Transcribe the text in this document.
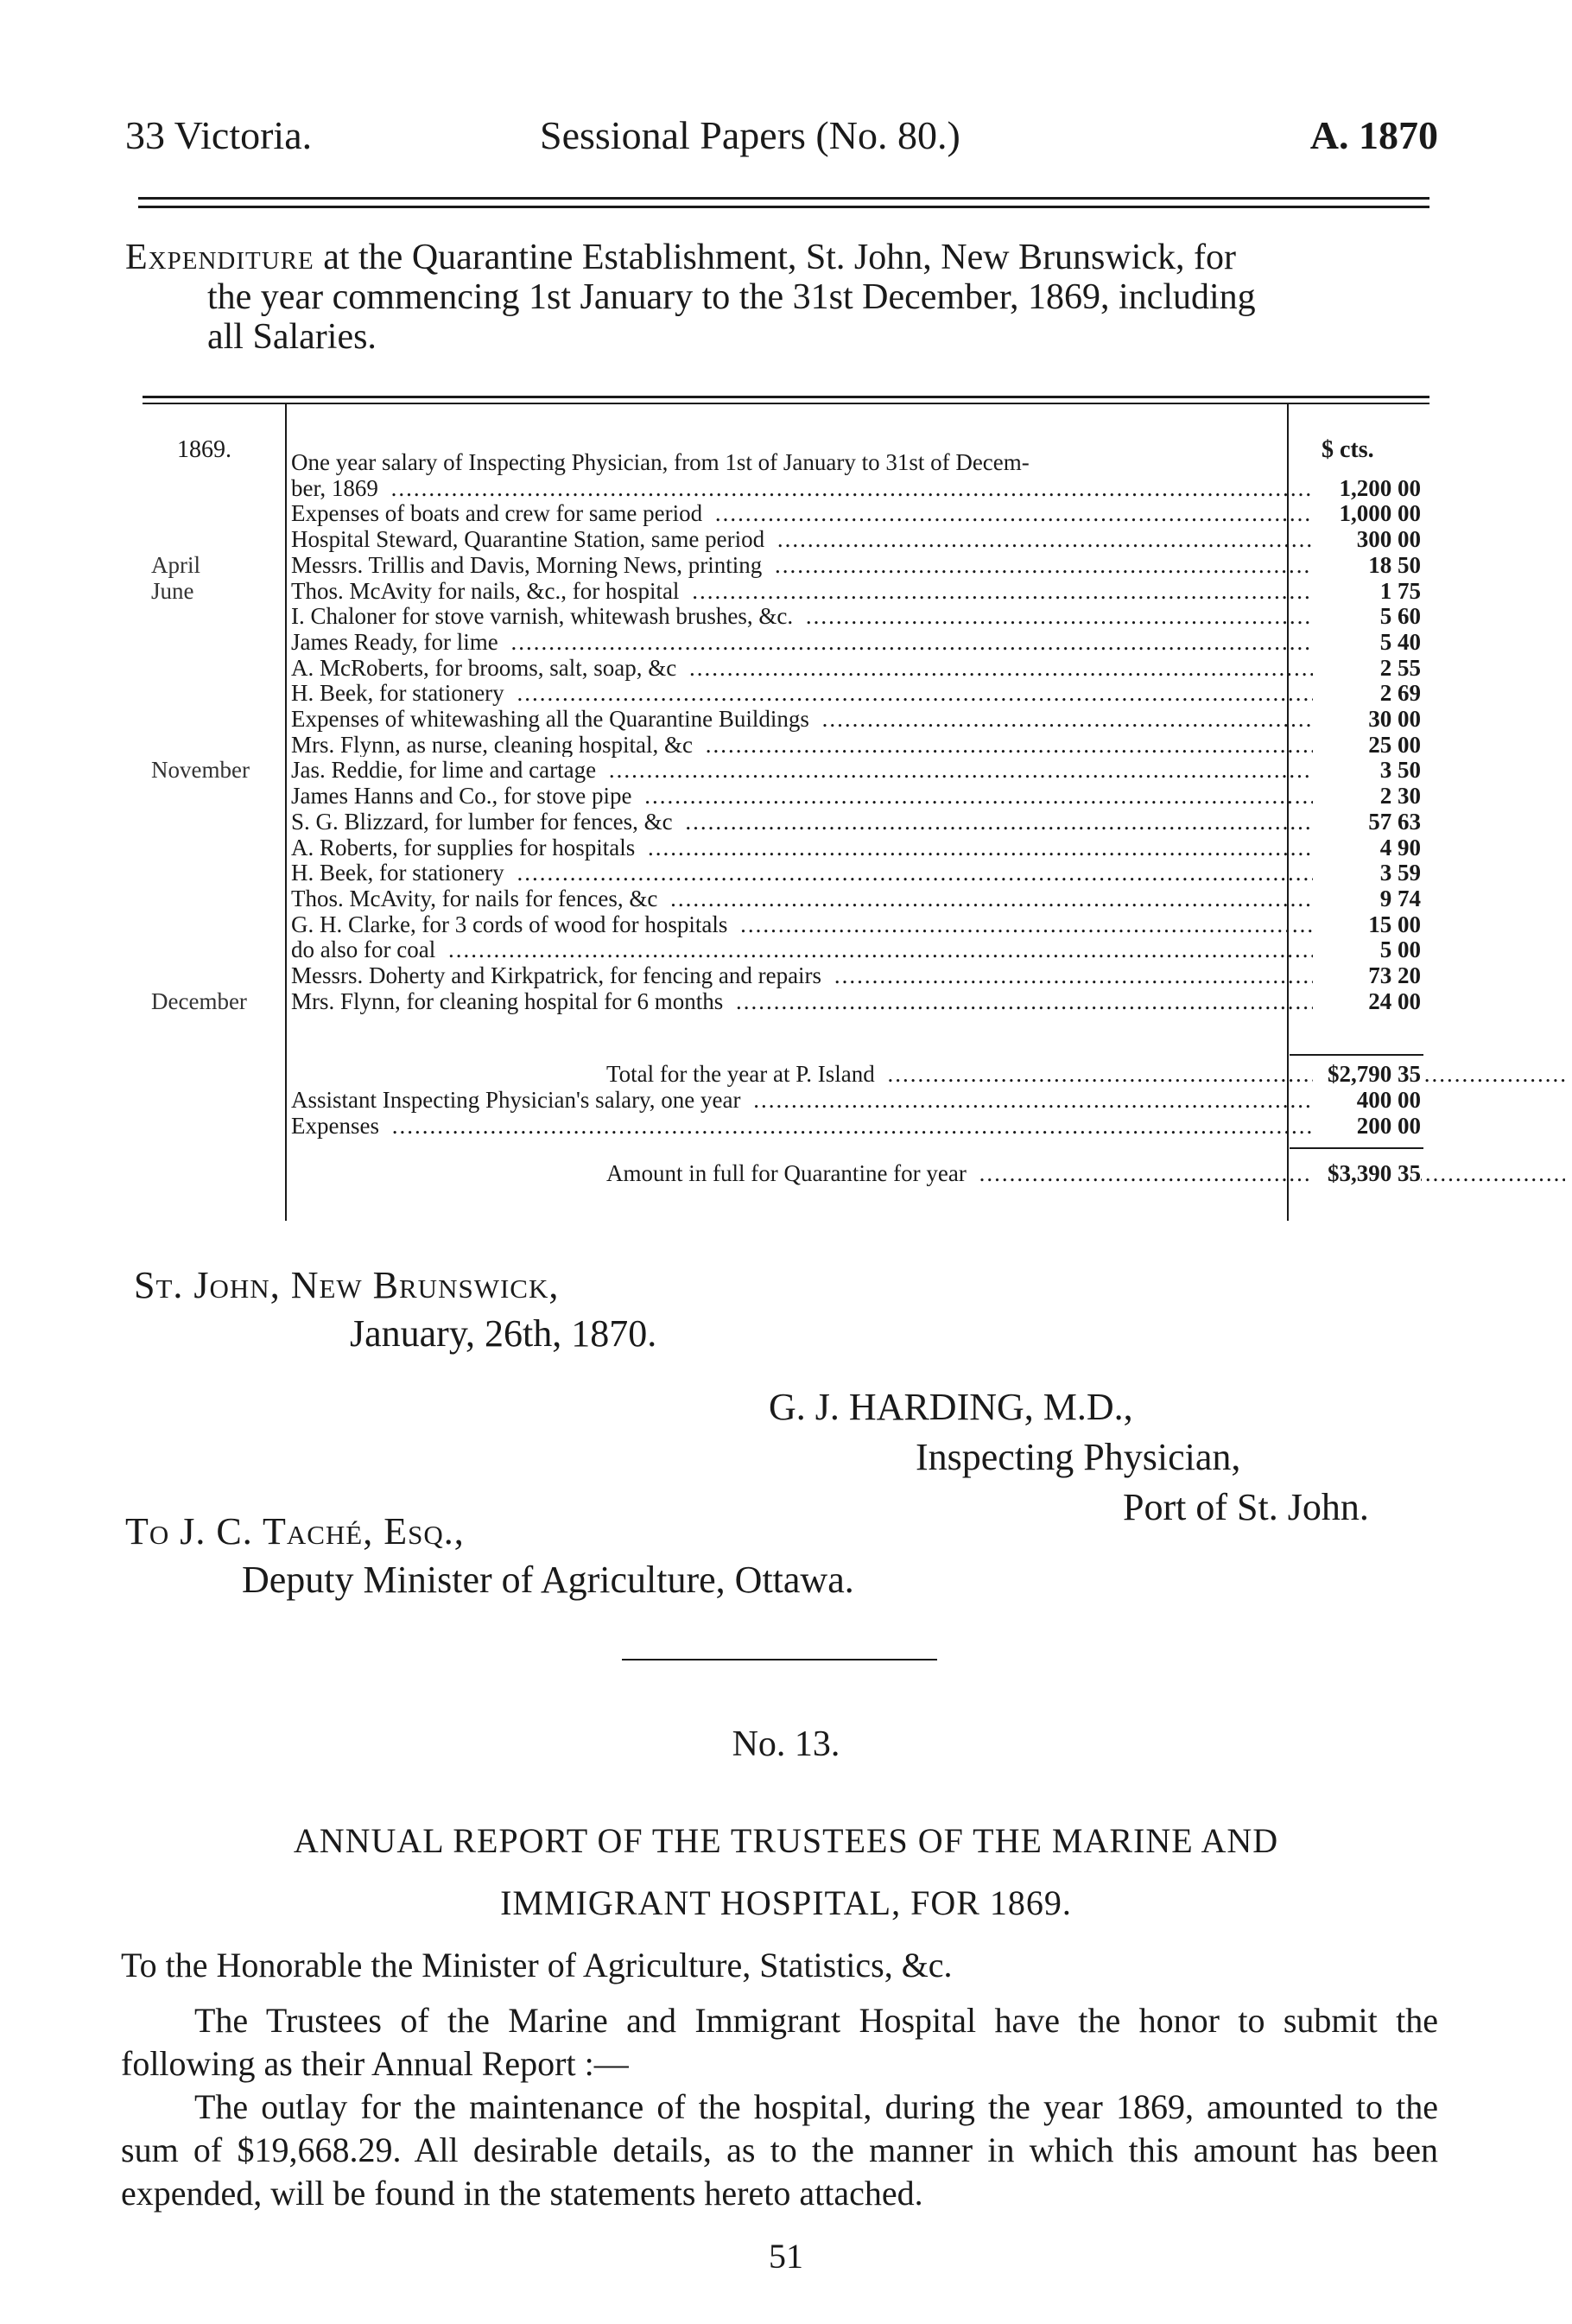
33 Victoria.	Sessional Papers (No. 80.)	A. 1870
Expenditure at the Quarantine Establishment, St. John, New Brunswick, for
the year commencing 1st January to the 31st December, 1869, including
all Salaries.
1869.	$ cts.
One year salary of Inspecting Physician, from 1st of January to 31st of Decem-
ber, 1869 .....	1,200 00
Expenses of boats and crew for same period .....	1,000 00
Hospital Steward, Quarantine Station, same period .....	300 00
April	Messrs. Trillis and Davis, Morning News, printing .....	18 50
June	Thos. McAvity for nails, &c., for hospital .....	1 75
I. Chaloner for stove varnish, whitewash brushes, &c. .....	5 60
James Ready, for lime .....	5 40
A. McRoberts, for brooms, salt, soap, &c .....	2 55
H. Beek, for stationery .....	2 69
Expenses of whitewashing all the Quarantine Buildings .....	30 00
Mrs. Flynn, as nurse, cleaning hospital, &c .....	25 00
November	Jas. Reddie, for lime and cartage .....	3 50
James Hanns and Co., for stove pipe .....	2 30
S. G. Blizzard, for lumber for fences, &c .....	57 63
A. Roberts, for supplies for hospitals .....	4 90
H. Beek, for stationery .....	3 59
Thos. McAvity, for nails for fences, &c .....	9 74
G. H. Clarke, for 3 cords of wood for hospitals .....	15 00
do also for coal .....	5 00
Messrs. Doherty and Kirkpatrick, for fencing and repairs .....	73 20
December	Mrs. Flynn, for cleaning hospital for 6 months .....	24 00
Total for the year at P. Island .....	$2,790 35
Assistant Inspecting Physician's salary, one year .....	400 00
Expenses .....	200 00
Amount in full for Quarantine for year .....	$3,390 35
St. John, New Brunswick,
January, 26th, 1870.
G. J. HARDING, M.D.,
Inspecting Physician,
Port of St. John.
To J. C. Taché, Esq.,
Deputy Minister of Agriculture, Ottawa.
No. 13.
ANNUAL REPORT OF THE TRUSTEES OF THE MARINE AND
IMMIGRANT HOSPITAL, FOR 1869.

To the Honorable the Minister of Agriculture, Statistics, &c.

The Trustees of the Marine and Immigrant Hospital have the honor to submit the following as their Annual Report :—

The outlay for the maintenance of the hospital, during the year 1869, amounted to the sum of $19,668.29. All desirable details, as to the manner in which this amount has been expended, will be found in the statements hereto attached.

51
